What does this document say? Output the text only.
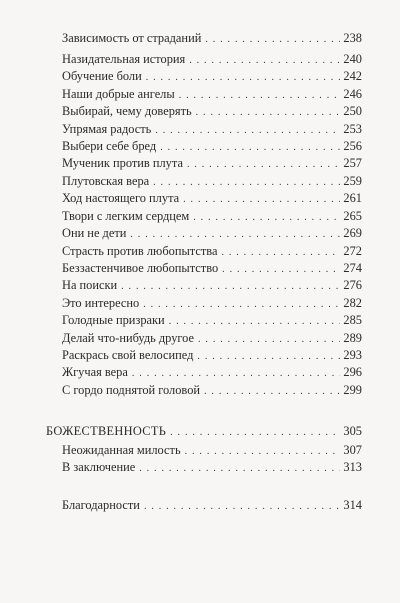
Зависимость от страданий . . .	238
Назидательная история . . .	240
Обучение боли . . .	242
Наши добрые ангелы . . .	246
Выбирай, чему доверять . . .	250
Упрямая радость . . .	253
Выбери себе бред . . .	256
Мученик против плута . . .	257
Плутовская вера . . .	259
Ход настоящего плута . . .	261
Твори с легким сердцем . . .	265
Они не дети . . .	269
Страсть против любопытства . . .	272
Беззастенчивое любопытство . . .	274
На поиски . . .	276
Это интересно . . .	282
Голодные призраки . . .	285
Делай что-нибудь другое . . .	289
Раскрась свой велосипед . . .	293
Жгучая вера . . .	296
С гордо поднятой головой . . .	299
БОЖЕСТВЕННОСТЬ . . .	305
Неожиданная милость . . .	307
В заключение . . .	313
Благодарности . . .	314
